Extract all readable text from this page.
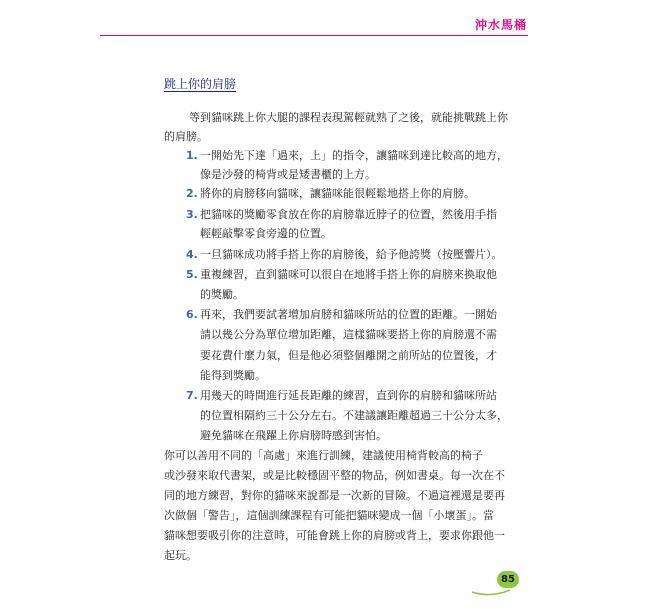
沖水馬桶
跳上你的肩膀
等到貓咪跳上你大腿的課程表現駕輕就熟了之後，就能挑戰跳上你
的肩膀。
1. 一開始先下達「過來，上」的指令，讓貓咪到達比較高的地方，
像是沙發的椅背或是矮書櫃的上方。
2. 將你的肩膀移向貓咪，讓貓咪能很輕鬆地搭上你的肩膀。
3. 把貓咪的獎勵零食放在你的肩膀靠近脖子的位置，然後用手指
輕輕敲擊零食旁邊的位置。
4. 一旦貓咪成功將手搭上你的肩膀後，給予他誇獎（按壓響片）。
5. 重複練習，直到貓咪可以很自在地將手搭上你的肩膀來換取他
的獎勵。
6. 再來，我們要試著增加肩膀和貓咪所站的位置的距離。一開始
請以幾公分為單位增加距離，這樣貓咪要搭上你的肩膀還不需
要花費什麼力氣，但是他必須整個離開之前所站的位置後，才
能得到獎勵。
7. 用幾天的時間進行延長距離的練習，直到你的肩膀和貓咪所站
的位置相隔約三十公分左右。不建議讓距離超過三十公分太多，
避免貓咪在飛躍上你肩膀時感到害怕。
你可以善用不同的「高處」來進行訓練，建議使用椅背較高的椅子
或沙發來取代書架，或是比較穩固平整的物品，例如書桌。每一次在不
同的地方練習，對你的貓咪來說都是一次新的冒險。不過這裡還是要再
次做個「警告」，這個訓練課程有可能把貓咪變成一個「小壞蛋」。當
貓咪想要吸引你的注意時，可能會跳上你的肩膀或背上，要求你跟他一
起玩。
85
